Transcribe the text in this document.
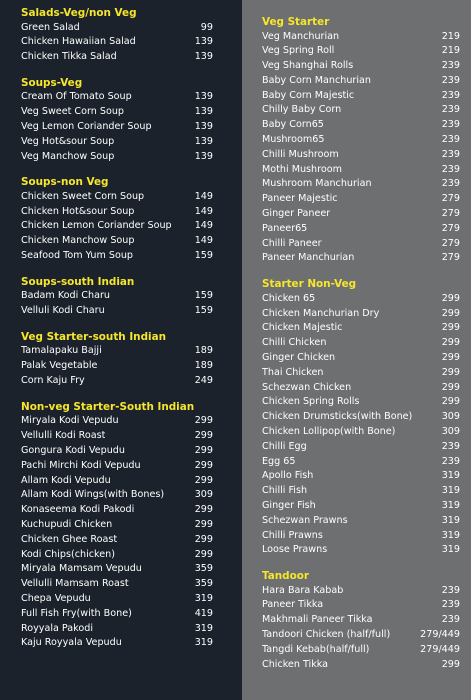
Salads-Veg/non Veg
Green Salad	99
Chicken Hawaiian Salad	139
Chicken Tikka Salad	139
Soups-Veg
Cream Of Tomato Soup	139
Veg Sweet Corn Soup	139
Veg Lemon Coriander Soup	139
Veg Hot&sour Soup	139
Veg Manchow Soup	139
Soups-non Veg
Chicken Sweet Corn Soup	149
Chicken Hot&sour Soup	149
Chicken Lemon Coriander Soup	149
Chicken Manchow Soup	149
Seafood Tom Yum Soup	159
Soups-south Indian
Badam Kodi Charu	159
Velluli Kodi Charu	159
Veg Starter-south Indian
Tamalapaku Bajji	189
Palak Vegetable	189
Corn Kaju Fry	249
Non-veg Starter-South Indian
Miryala Kodi Vepudu	299
Vellulli Kodi Roast	299
Gongura Kodi Vepudu	299
Pachi Mirchi Kodi Vepudu	299
Allam Kodi Vepudu	299
Allam Kodi Wings(with Bones)	309
Konaseema Kodi Pakodi	299
Kuchupudi Chicken	299
Chicken Ghee Roast	299
Kodi Chips(chicken)	299
Miryala Mamsam Vepudu	359
Vellulli Mamsam Roast	359
Chepa Vepudu	319
Full Fish Fry(with Bone)	419
Royyala Pakodi	319
Kaju Royyala Vepudu	319
Veg Starter
Veg Manchurian	219
Veg Spring Roll	219
Veg Shanghai Rolls	239
Baby Corn Manchurian	239
Baby Corn Majestic	239
Chilly Baby Corn	239
Baby Corn65	239
Mushroom65	239
Chilli Mushroom	239
Mothi Mushroom	239
Mushroom Manchurian	239
Paneer Majestic	279
Ginger Paneer	279
Paneer65	279
Chilli Paneer	279
Paneer Manchurian	279
Starter Non-Veg
Chicken 65	299
Chicken Manchurian Dry	299
Chicken Majestic	299
Chilli Chicken	299
Ginger Chicken	299
Thai Chicken	299
Schezwan Chicken	299
Chicken Spring Rolls	299
Chicken Drumsticks(with Bone)	309
Chicken Lollipop(with Bone)	309
Chilli Egg	239
Egg 65	239
Apollo Fish	319
Chilli Fish	319
Ginger Fish	319
Schezwan Prawns	319
Chilli Prawns	319
Loose Prawns	319
Tandoor
Hara Bara Kabab	239
Paneer Tikka	239
Makhmali Paneer Tikka	239
Tandoori Chicken (half/full)	279/449
Tangdi Kebab(half/full)	279/449
Chicken Tikka	299
